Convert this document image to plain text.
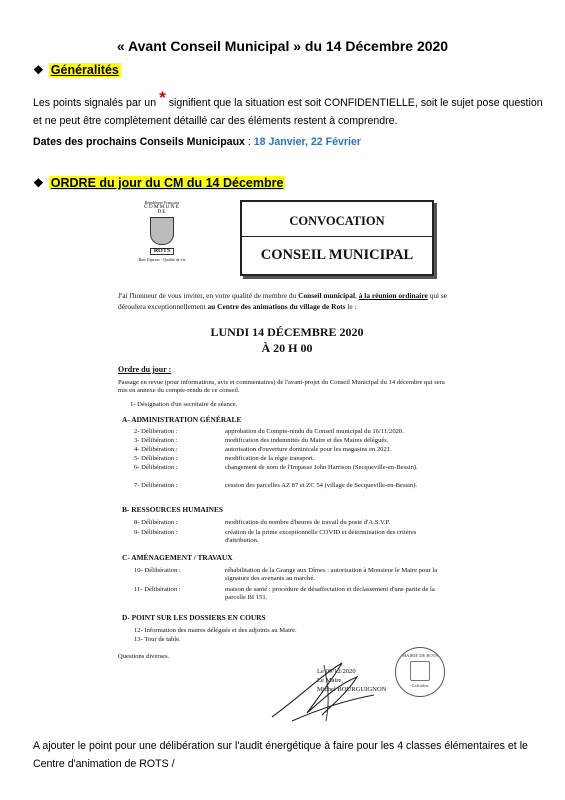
« Avant Conseil Municipal » du 14 Décembre 2020
❖ Généralités
Les points signalés par un * signifient que la situation est soit CONFIDENTIELLE, soit le sujet pose question
et ne peut être complètement détaillé car des éléments restent à comprendre.
Dates des prochains Conseils Municipaux : 18 Janvier, 22 Février
❖ ORDRE du jour du CM du 14 Décembre
République Française
COMMUNE
DE
ROTS
Rots Express - Qualité de vie
CONVOCATION
CONSEIL MUNICIPAL
J'ai l'honneur de vous inviter, en votre qualité de membre du Conseil municipal, à la réunion ordinaire qui se déroulera exceptionnellement au Centre des animations du village de Rots le :
LUNDI 14 DÉCEMBRE 2020
À 20 H 00
Ordre du jour :
Passage en revue (pour informations, avis et commentaires) de l'avant-projet du Conseil Municipal du 14 décembre qui sera mis en annexe du compte-rendu de ce conseil.
1- Désignation d'un secrétaire de séance.
A- ADMINISTRATION GÉNÉRALE
2- Délibération :	approbation du Compte-rendu du Conseil municipal du 16/11/2020.
3- Délibération :	modification des indemnités du Maire et des Maires délégués.
4- Délibération :	autorisation d'ouverture dominicale pour les magasins en 2021.
5- Délibération :	modification de la régie transport.
6- Délibération :	changement de nom de l'Impasse John Harrison (Secqueville-en-Bessin).
7- Délibération :	cession des parcelles AZ 87 et ZC 54 (village de Secqueville-en-Bessin).
B- RESSOURCES HUMAINES
8- Délibération :	modification du nombre d'heures de travail du poste d'A.S.V.P.
9- Délibération :	création de la prime exceptionnelle COVID et détermination des critères d'attribution.
C- AMÉNAGEMENT / TRAVAUX
10- Délibération :	réhabilitation de la Grange aux Dîmes : autorisation à Monsieur le Maire pour la signature des avenants au marché.
11- Délibération :	maison de santé : procédure de désaffectation et déclassement d'une partie de la parcelle BI 151.
D- POINT SUR LES DOSSIERS EN COURS
12- Information des maires délégués et des adjoints au Maire.
13- Tour de table.
Questions diverses.
Le 09/12/2020
Le Maire,
Michel BOURGUIGNON
MAIRIE DE ROTS
Calvados
A ajouter le point pour une délibération sur l'audit énergétique à faire pour les 4 classes élémentaires et le
Centre d'animation de ROTS /
